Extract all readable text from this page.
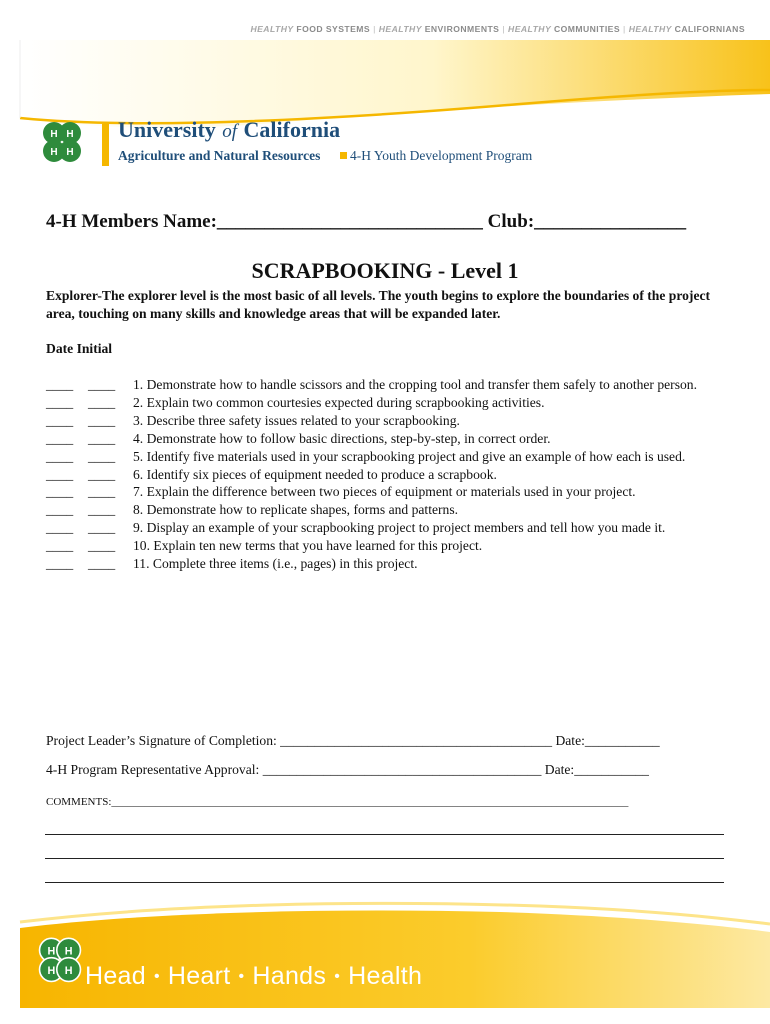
HEALTHY FOOD SYSTEMS | HEALTHY ENVIRONMENTS | HEALTHY COMMUNITIES | HEALTHY CALIFORNIANS
H H
H H
University of California
Agriculture and Natural Resources 4-H Youth Development Program
4-H Members Name:____________________________ Club:________________
SCRAPBOOKING - Level 1
Explorer-The explorer level is the most basic of all levels. The youth begins to explore the boundaries of the project area, touching on many skills and knowledge areas that will be expanded later.
Date Initial
____ ____ 1. Demonstrate how to handle scissors and the cropping tool and transfer them safely to another person.
____ ____ 2. Explain two common courtesies expected during scrapbooking activities.
____ ____ 3. Describe three safety issues related to your scrapbooking.
____ ____ 4. Demonstrate how to follow basic directions, step-by-step, in correct order.
____ ____ 5. Identify five materials used in your scrapbooking project and give an example of how each is used.
____ ____ 6. Identify six pieces of equipment needed to produce a scrapbook.
____ ____ 7. Explain the difference between two pieces of equipment or materials used in your project.
____ ____ 8. Demonstrate how to replicate shapes, forms and patterns.
____ ____ 9. Display an example of your scrapbooking project to project members and tell how you made it.
____ ____ 10. Explain ten new terms that you have learned for this project.
____ ____ 11. Complete three items (i.e., pages) in this project.
Project Leader’s Signature of Completion: ________________________________________ Date:___________
4-H Program Representative Approval: _________________________________________ Date:___________
COMMENTS:______________________________________________________________________________________________
H H
H H Head • Heart • Hands • Health
